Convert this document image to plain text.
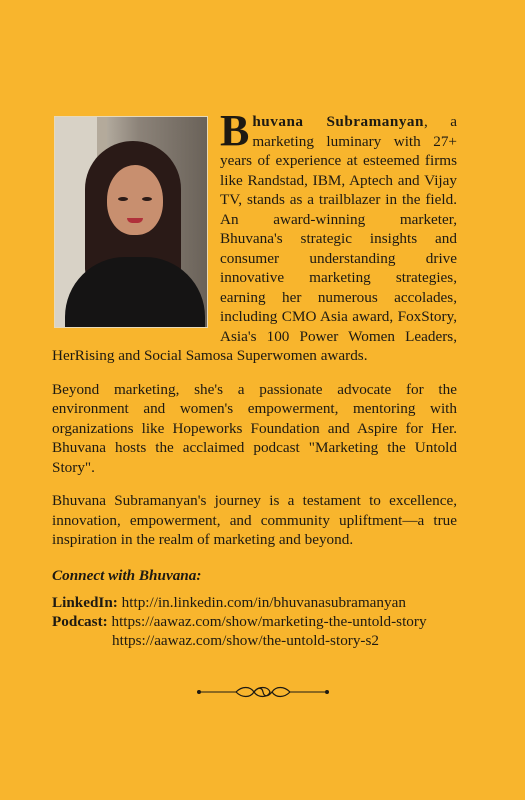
Bhuvana Subramanyan, a marketing luminary with 27+ years of experience at esteemed firms like Randstad, IBM, Aptech and Vijay TV, stands as a trailblazer in the field. An award-winning marketer, Bhuvana's strategic insights and consumer understanding drive innovative marketing strategies, earning her numerous accolades, including CMO Asia award, FoxStory, Asia's 100 Power Women Leaders, HerRising and Social Samosa Superwomen awards.

Beyond marketing, she's a passionate advocate for the environment and women's empowerment, mentoring with organizations like Hopeworks Foundation and Aspire for Her. Bhuvana hosts the acclaimed podcast "Marketing the Untold Story".

Bhuvana Subramanyan's journey is a testament to excellence, innovation, empowerment, and community upliftment—a true inspiration in the realm of marketing and beyond.

Connect with Bhuvana:
LinkedIn: http://in.linkedin.com/in/bhuvanasubramanyan
Podcast: https://aawaz.com/show/marketing-the-untold-story
https://aawaz.com/show/the-untold-story-s2
